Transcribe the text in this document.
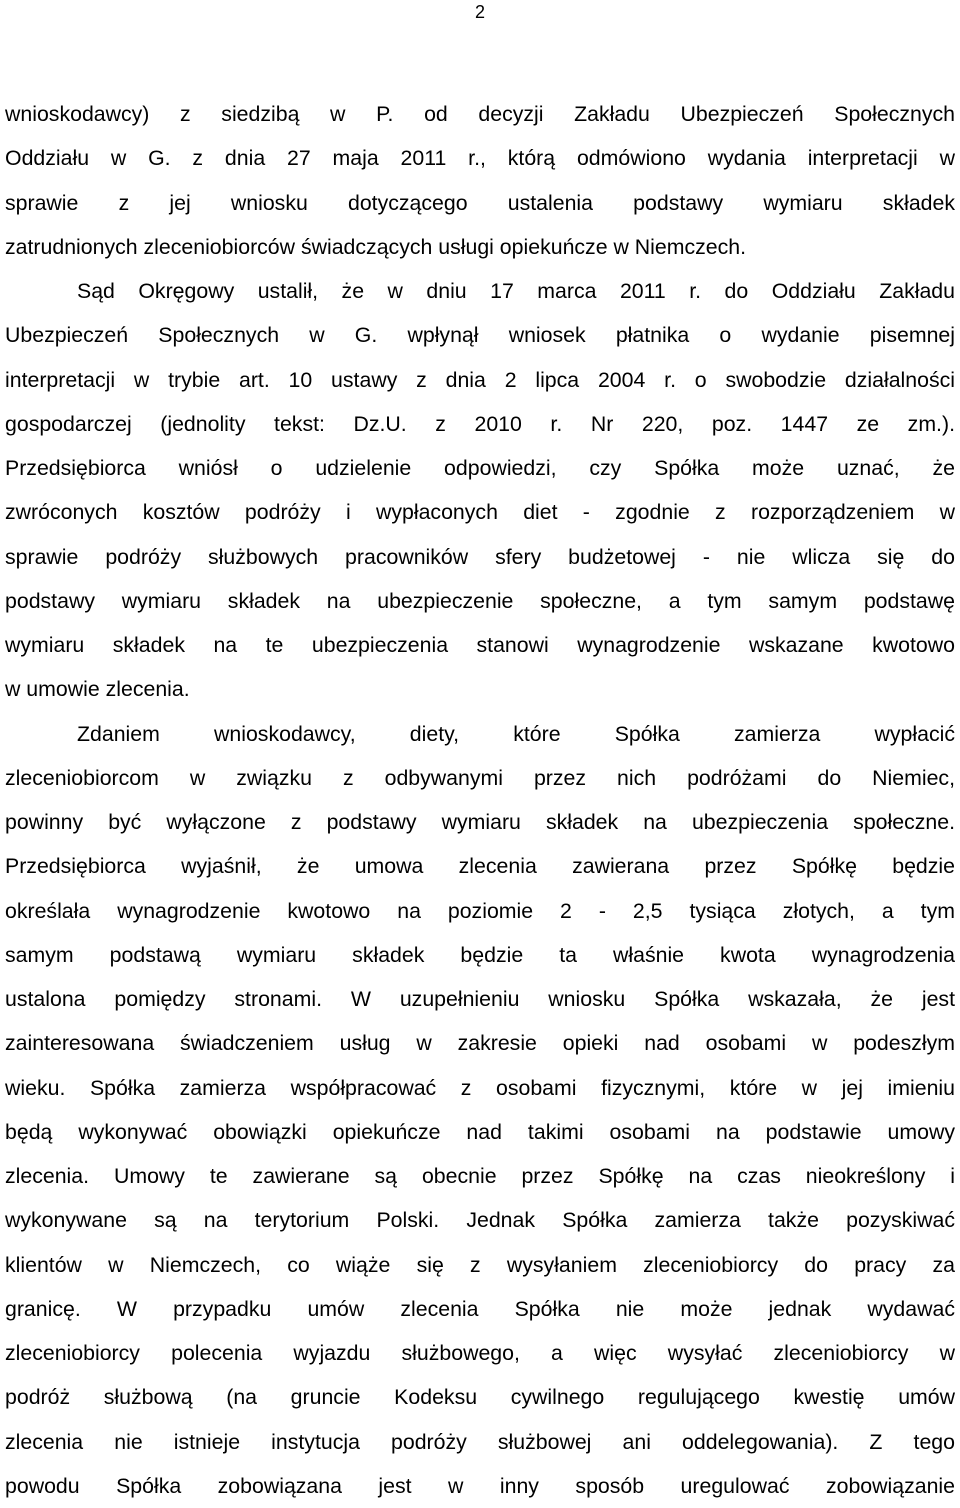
2
wnioskodawcy) z siedzibą w P. od decyzji Zakładu Ubezpieczeń Społecznych
Oddziału w G. z dnia 27 maja 2011 r., którą odmówiono wydania interpretacji w
sprawie z jej wniosku dotyczącego ustalenia podstawy wymiaru składek
zatrudnionych zleceniobiorców świadczących usługi opiekuńcze w Niemczech.
Sąd Okręgowy ustalił, że w dniu 17 marca 2011 r. do Oddziału Zakładu
Ubezpieczeń Społecznych w G. wpłynął wniosek płatnika o wydanie pisemnej
interpretacji w trybie art. 10 ustawy z dnia 2 lipca 2004 r. o swobodzie działalności
gospodarczej (jednolity tekst: Dz.U. z 2010 r. Nr 220, poz. 1447 ze zm.).
Przedsiębiorca wniósł o udzielenie odpowiedzi, czy Spółka może uznać, że
zwróconych kosztów podróży i wypłaconych diet - zgodnie z rozporządzeniem w
sprawie podróży służbowych pracowników sfery budżetowej - nie wlicza się do
podstawy wymiaru składek na ubezpieczenie społeczne, a tym samym podstawę
wymiaru składek na te ubezpieczenia stanowi wynagrodzenie wskazane kwotowo
w umowie zlecenia.
Zdaniem wnioskodawcy, diety, które Spółka zamierza wypłacić
zleceniobiorcom w związku z odbywanymi przez nich podróżami do Niemiec,
powinny być wyłączone z podstawy wymiaru składek na ubezpieczenia społeczne.
Przedsiębiorca wyjaśnił, że umowa zlecenia zawierana przez Spółkę będzie
określała wynagrodzenie kwotowo na poziomie 2 - 2,5 tysiąca złotych, a tym
samym podstawą wymiaru składek będzie ta właśnie kwota wynagrodzenia
ustalona pomiędzy stronami. W uzupełnieniu wniosku Spółka wskazała, że jest
zainteresowana świadczeniem usług w zakresie opieki nad osobami w podeszłym
wieku. Spółka zamierza współpracować z osobami fizycznymi, które w jej imieniu
będą wykonywać obowiązki opiekuńcze nad takimi osobami na podstawie umowy
zlecenia. Umowy te zawierane są obecnie przez Spółkę na czas nieokreślony i
wykonywane są na terytorium Polski. Jednak Spółka zamierza także pozyskiwać
klientów w Niemczech, co wiąże się z wysyłaniem zleceniobiorcy do pracy za
granicę. W przypadku umów zlecenia Spółka nie może jednak wydawać
zleceniobiorcy polecenia wyjazdu służbowego, a więc wysyłać zleceniobiorcy w
podróż służbową (na gruncie Kodeksu cywilnego regulującego kwestię umów
zlecenia nie istnieje instytucja podróży służbowej ani oddelegowania). Z tego
powodu Spółka zobowiązana jest w inny sposób uregulować zobowiązanie
